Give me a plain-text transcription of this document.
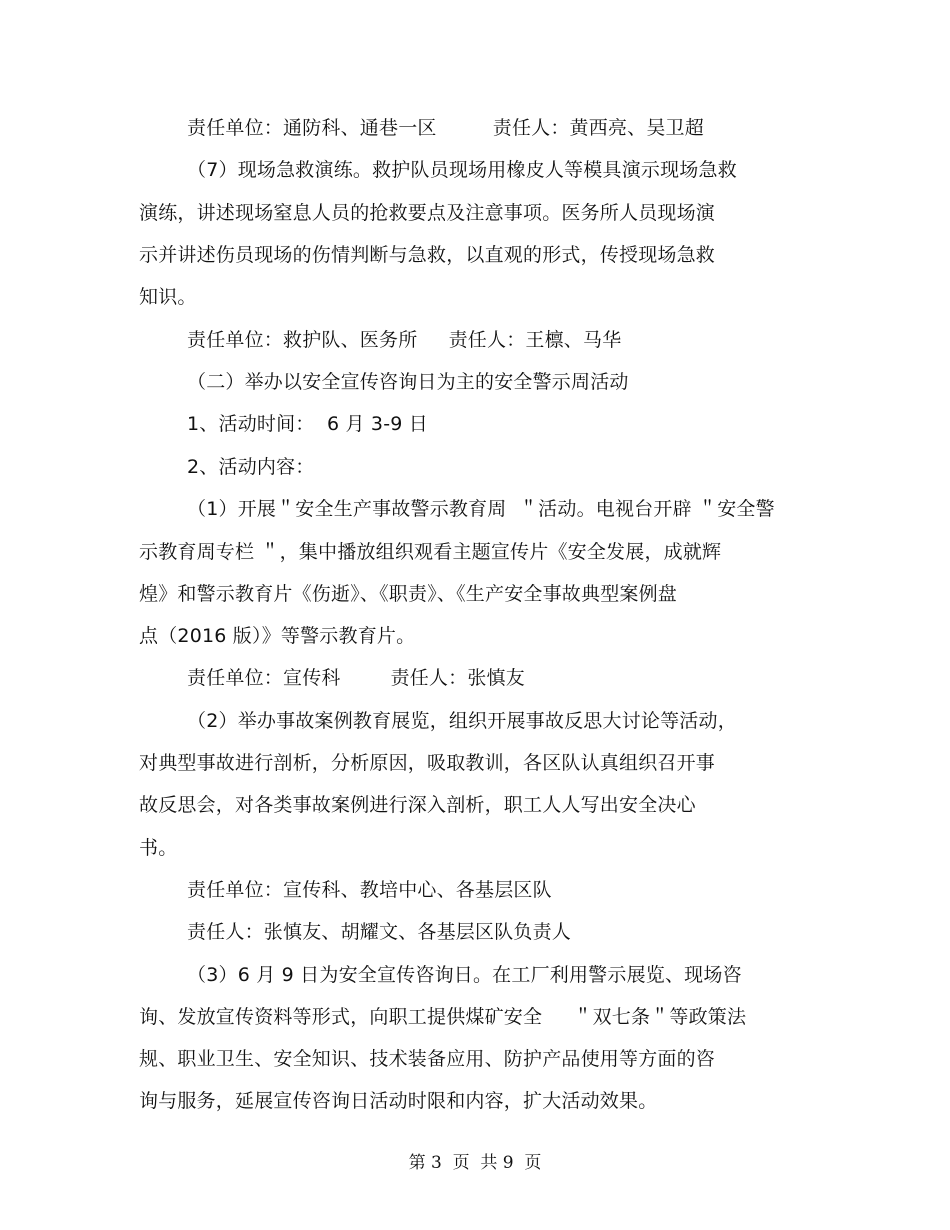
责任单位：通防科、通巷一区         责任人：黄西亮、吴卫超
（7）现场急救演练。救护队员现场用橡皮人等模具演示现场急救
演练，讲述现场窒息人员的抢救要点及注意事项。医务所人员现场演
示并讲述伤员现场的伤情判断与急救，以直观的形式，传授现场急救
知识。
责任单位：救护队、医务所     责任人：王檩、马华
（二）举办以安全宣传咨询日为主的安全警示周活动
1、活动时间：  6 月 3-9 日
2、活动内容：
（1）开展＂安全生产事故警示教育周  ＂活动。电视台开辟 ＂安全警
示教育周专栏 ＂，集中播放组织观看主题宣传片《安全发展，成就辉
煌》和警示教育片《伤逝》、《职责》、《生产安全事故典型案例盘
点（2016 版）》等警示教育片。
责任单位：宣传科        责任人：张慎友
（2）举办事故案例教育展览，组织开展事故反思大讨论等活动，
对典型事故进行剖析，分析原因，吸取教训，各区队认真组织召开事
故反思会，对各类事故案例进行深入剖析，职工人人写出安全决心
书。
责任单位：宣传科、教培中心、各基层区队
责任人：张慎友、胡耀文、各基层区队负责人
（3）6 月 9 日为安全宣传咨询日。在工厂利用警示展览、现场咨
询、发放宣传资料等形式，向职工提供煤矿安全     ＂双七条＂等政策法
规、职业卫生、安全知识、技术装备应用、防护产品使用等方面的咨
询与服务，延展宣传咨询日活动时限和内容，扩大活动效果。
第 3  页  共 9  页
